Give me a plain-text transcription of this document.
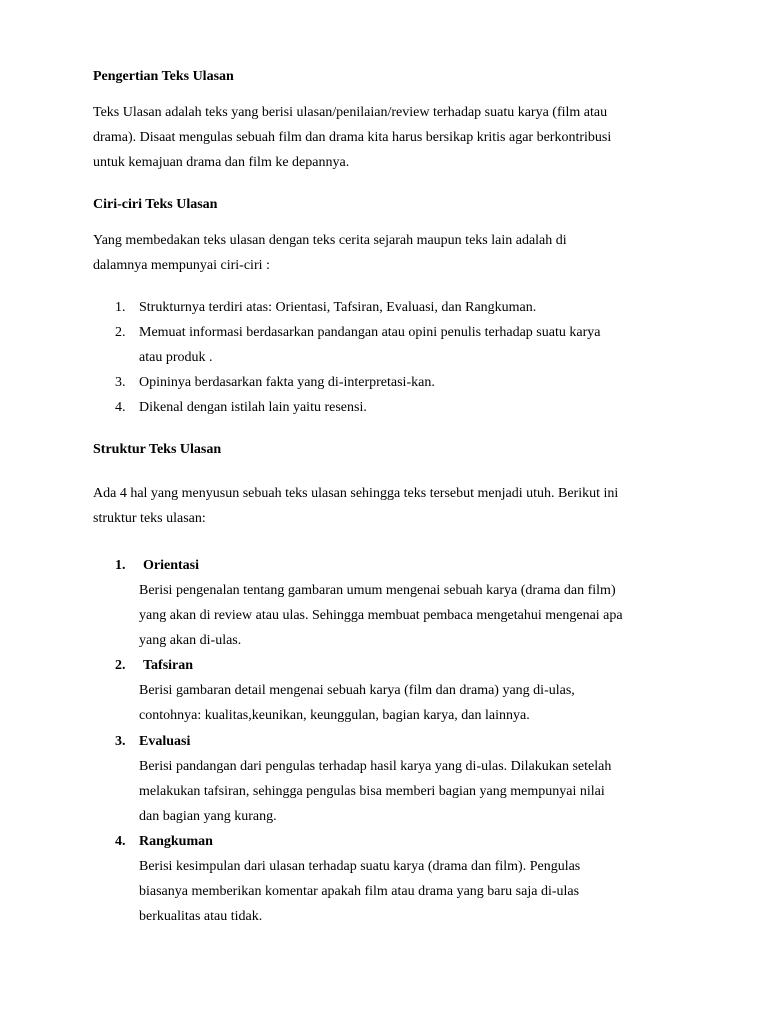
Pengertian Teks Ulasan
Teks Ulasan adalah teks yang berisi ulasan/penilaian/review terhadap suatu karya (film atau
drama). Disaat mengulas sebuah film dan drama kita harus bersikap kritis agar berkontribusi
untuk kemajuan drama dan film ke depannya.
Ciri-ciri Teks Ulasan
Yang membedakan teks ulasan dengan teks cerita sejarah maupun teks lain adalah di
dalamnya mempunyai ciri-ciri :
1. Strukturnya terdiri atas: Orientasi, Tafsiran, Evaluasi, dan Rangkuman.
2. Memuat informasi berdasarkan pandangan atau opini penulis terhadap suatu karya
atau produk .
3. Opininya berdasarkan fakta yang di-interpretasi-kan.
4. Dikenal dengan istilah lain yaitu resensi.
Struktur Teks Ulasan
Ada 4 hal yang menyusun sebuah teks ulasan sehingga teks tersebut menjadi utuh. Berikut ini
struktur teks ulasan:
1. Orientasi
Berisi pengenalan tentang gambaran umum mengenai sebuah karya (drama dan film)
yang akan di review atau ulas. Sehingga membuat pembaca mengetahui mengenai apa
yang akan di-ulas.
2. Tafsiran
Berisi gambaran detail mengenai sebuah karya (film dan drama) yang di-ulas,
contohnya: kualitas,keunikan, keunggulan, bagian karya, dan lainnya.
3. Evaluasi
Berisi pandangan dari pengulas terhadap hasil karya yang di-ulas. Dilakukan setelah
melakukan tafsiran, sehingga pengulas bisa memberi bagian yang mempunyai nilai
dan bagian yang kurang.
4. Rangkuman
Berisi kesimpulan dari ulasan terhadap suatu karya (drama dan film). Pengulas
biasanya memberikan komentar apakah film atau drama yang baru saja di-ulas
berkualitas atau tidak.
